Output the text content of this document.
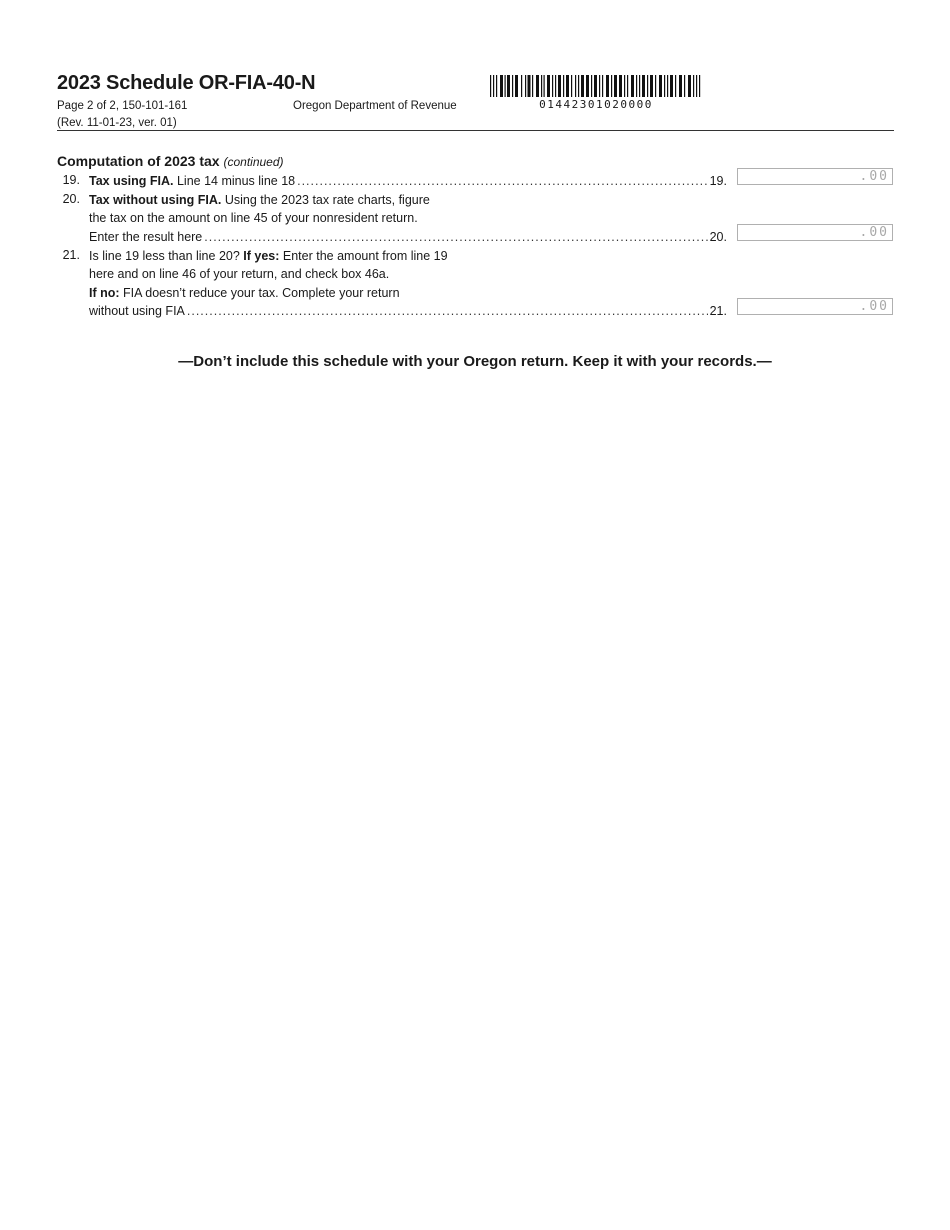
2023 Schedule OR-FIA-40-N
Page 2 of 2, 150-101-161
(Rev. 11-01-23, ver. 01)
Oregon Department of Revenue	01442301020000
Computation of 2023 tax (continued)
19. Tax using FIA. Line 14 minus line 18 .....	19.	.00
20. Tax without using FIA. Using the 2023 tax rate charts, figure
the tax on the amount on line 45 of your nonresident return.
Enter the result here .....	20.	.00
21. Is line 19 less than line 20? If yes: Enter the amount from line 19
here and on line 46 of your return, and check box 46a.
If no: FIA doesn’t reduce your tax. Complete your return
without using FIA .....	21.	.00
—Don’t include this schedule with your Oregon return. Keep it with your records.—
